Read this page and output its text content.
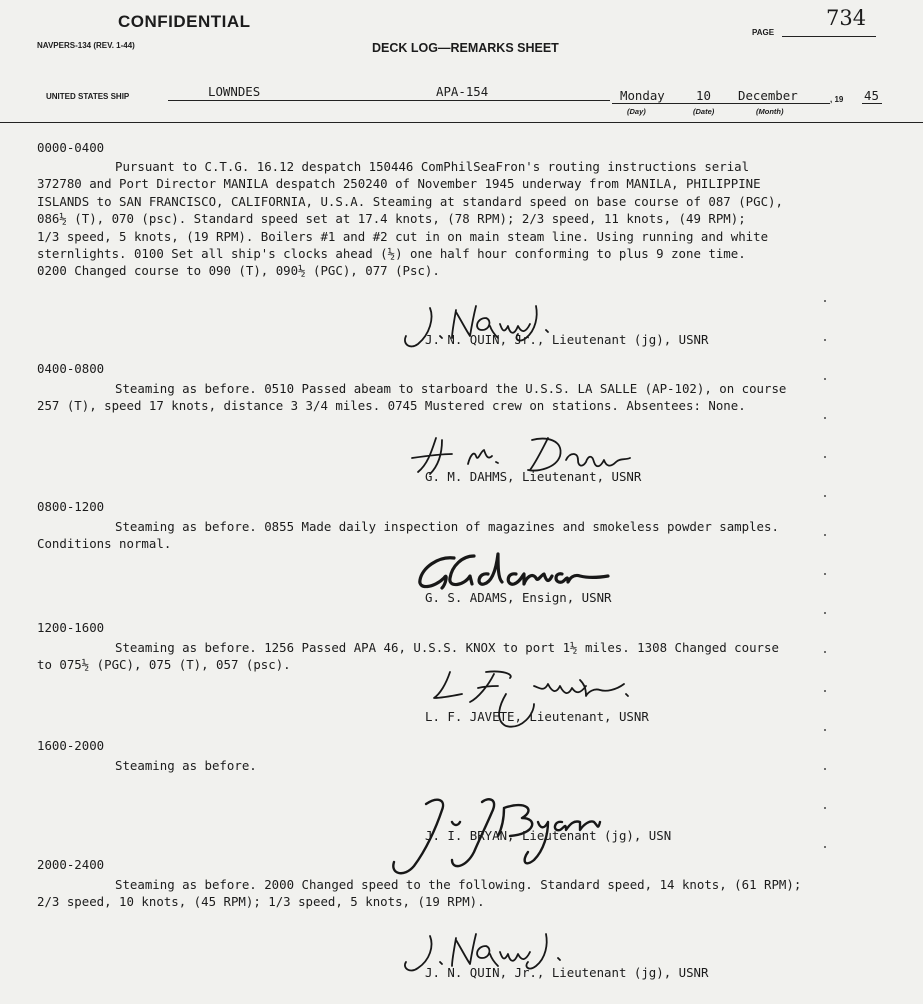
CONFIDENTIAL
NAVPERS-134 (REV. 1-44)	DECK LOG—REMARKS SHEET
PAGE
734
UNITED STATES SHIP	LOWNDES	APA-154	Monday	10 December	, 19 45
(Day)	(Date)	(Month)
0000-0400
Pursuant to C.T.G. 16.12 despatch 150446 ComPhilSeaFron's routing instructions serial
372780 and Port Director MANILA despatch 250240 of November 1945 underway from MANILA, PHILIPPINE
ISLANDS to SAN FRANCISCO, CALIFORNIA, U.S.A. Steaming at standard speed on base course of 087 (PGC),
086½ (T), 070 (psc). Standard speed set at 17.4 knots, (78 RPM); 2/3 speed, 11 knots, (49 RPM);
1/3 speed, 5 knots, (19 RPM). Boilers #1 and #2 cut in on main steam line. Using running and white
sternlights. 0100 Set all ship's clocks ahead (½) one half hour conforming to plus 9 zone time.
0200 Changed course to 090 (T), 090½ (PGC), 077 (Psc).
J. N. QUIN, Jr., Lieutenant (jg), USNR
0400-0800
Steaming as before. 0510 Passed abeam to starboard the U.S.S. LA SALLE (AP-102), on course
257 (T), speed 17 knots, distance 3 3/4 miles. 0745 Mustered crew on stations. Absentees: None.
G. M. DAHMS, Lieutenant, USNR
0800-1200
Steaming as before. 0855 Made daily inspection of magazines and smokeless powder samples.
Conditions normal.
G. S. ADAMS, Ensign, USNR
1200-1600
Steaming as before. 1256 Passed APA 46, U.S.S. KNOX to port 1½ miles. 1308 Changed course
to 075½ (PGC), 075 (T), 057 (psc).
L. F. JAVETE, Lieutenant, USNR
1600-2000
Steaming as before.
J. I. BRYAN, Lieutenant (jg), USN
2000-2400
Steaming as before. 2000 Changed speed to the following. Standard speed, 14 knots, (61 RPM);
2/3 speed, 10 knots, (45 RPM); 1/3 speed, 5 knots, (19 RPM).
J. N. QUIN, Jr., Lieutenant (jg), USNR
